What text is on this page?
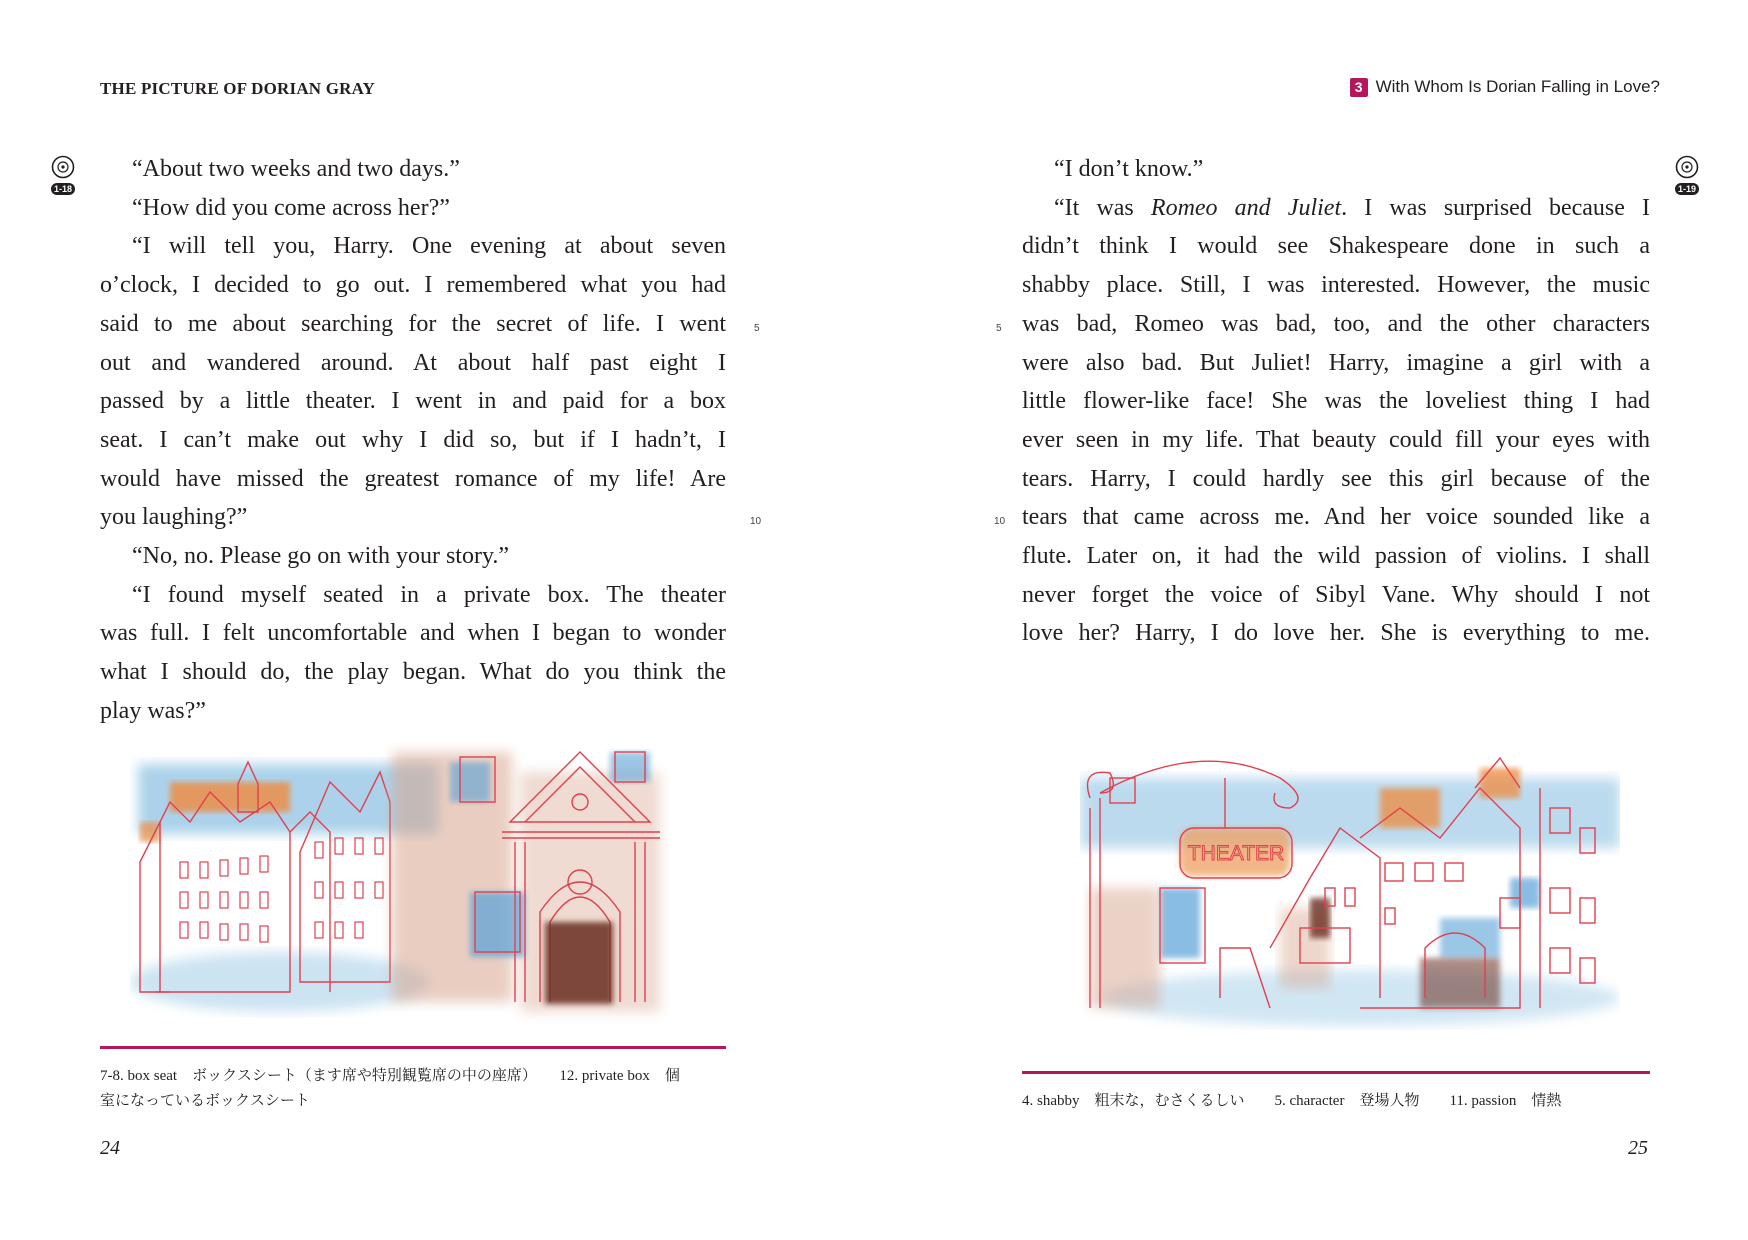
THE PICTURE OF DORIAN GRAY
1-18

“About two weeks and two days.”

“How did you come across her?”

“I will tell you, Harry. One evening at about seven

o’clock, I decided to go out. I remembered what you had

said to me about searching for the secret of life. I went

out and wandered around. At about half past eight I

passed by a little theater. I went in and paid for a box

seat. I can’t make out why I did so, but if I hadn’t, I

would have missed the greatest romance of my life! Are

you laughing?”

“No, no. Please go on with your story.”

“I found myself seated in a private box. The theater

was full. I felt uncomfortable and when I began to wonder

what I should do, the play began. What do you think the

play was?”

5
10
7-8. box seat　ボックスシート（ます席や特別観覧席の中の座席）　　12. private box　個
室になっているボックスシート
24
3 With Whom Is Dorian Falling in Love?
1-19

“I don’t know.”

“It was Romeo and Juliet. I was surprised because I

didn’t think I would see Shakespeare done in such a

shabby place. Still, I was interested. However, the music

was bad, Romeo was bad, too, and the other characters

were also bad. But Juliet! Harry, imagine a girl with a

little flower-like face! She was the loveliest thing I had

ever seen in my life. That beauty could fill your eyes with

tears. Harry, I could hardly see this girl because of the

tears that came across me. And her voice sounded like a

flute. Later on, it had the wild passion of violins. I shall

never forget the voice of Sibyl Vane. Why should I not

love her? Harry, I do love her. She is everything to me.

5
10
THEATER
4. shabby　粗末な，むさくるしい　　5. character　登場人物　　11. passion　情熱
25
